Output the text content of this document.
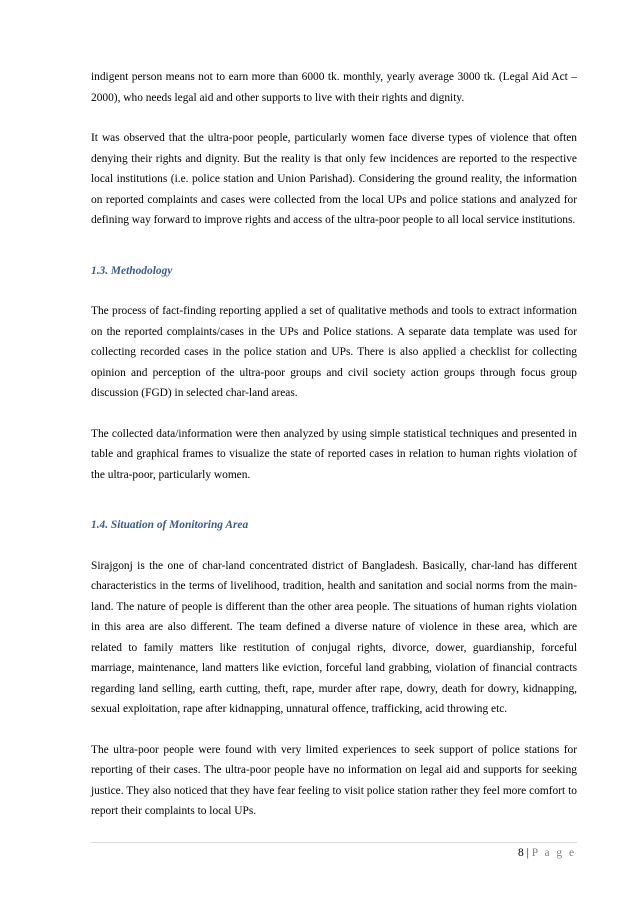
indigent person means not to earn more than 6000 tk. monthly, yearly average 3000 tk. (Legal Aid Act – 2000), who needs legal aid and other supports to live with their rights and dignity.

It was observed that the ultra-poor people, particularly women face diverse types of violence that often denying their rights and dignity. But the reality is that only few incidences are reported to the respective local institutions (i.e. police station and Union Parishad). Considering the ground reality, the information on reported complaints and cases were collected from the local UPs and police stations and analyzed for defining way forward to improve rights and access of the ultra-poor people to all local service institutions.

1.3. Methodology

The process of fact-finding reporting applied a set of qualitative methods and tools to extract information on the reported complaints/cases in the UPs and Police stations. A separate data template was used for collecting recorded cases in the police station and UPs. There is also applied a checklist for collecting opinion and perception of the ultra-poor groups and civil society action groups through focus group discussion (FGD) in selected char-land areas.

The collected data/information were then analyzed by using simple statistical techniques and presented in table and graphical frames to visualize the state of reported cases in relation to human rights violation of the ultra-poor, particularly women.

1.4. Situation of Monitoring Area

Sirajgonj is the one of char-land concentrated district of Bangladesh. Basically, char-land has different characteristics in the terms of livelihood, tradition, health and sanitation and social norms from the main-land. The nature of people is different than the other area people. The situations of human rights violation in this area are also different. The team defined a diverse nature of violence in these area, which are related to family matters like restitution of conjugal rights, divorce, dower, guardianship, forceful marriage, maintenance, land matters like eviction, forceful land grabbing, violation of financial contracts regarding land selling, earth cutting, theft, rape, murder after rape, dowry, death for dowry, kidnapping, sexual exploitation, rape after kidnapping, unnatural offence, trafficking, acid throwing etc.

The ultra-poor people were found with very limited experiences to seek support of police stations for reporting of their cases. The ultra-poor people have no information on legal aid and supports for seeking justice. They also noticed that they have fear feeling to visit police station rather they feel more comfort to report their complaints to local UPs.

8 | P a g e
